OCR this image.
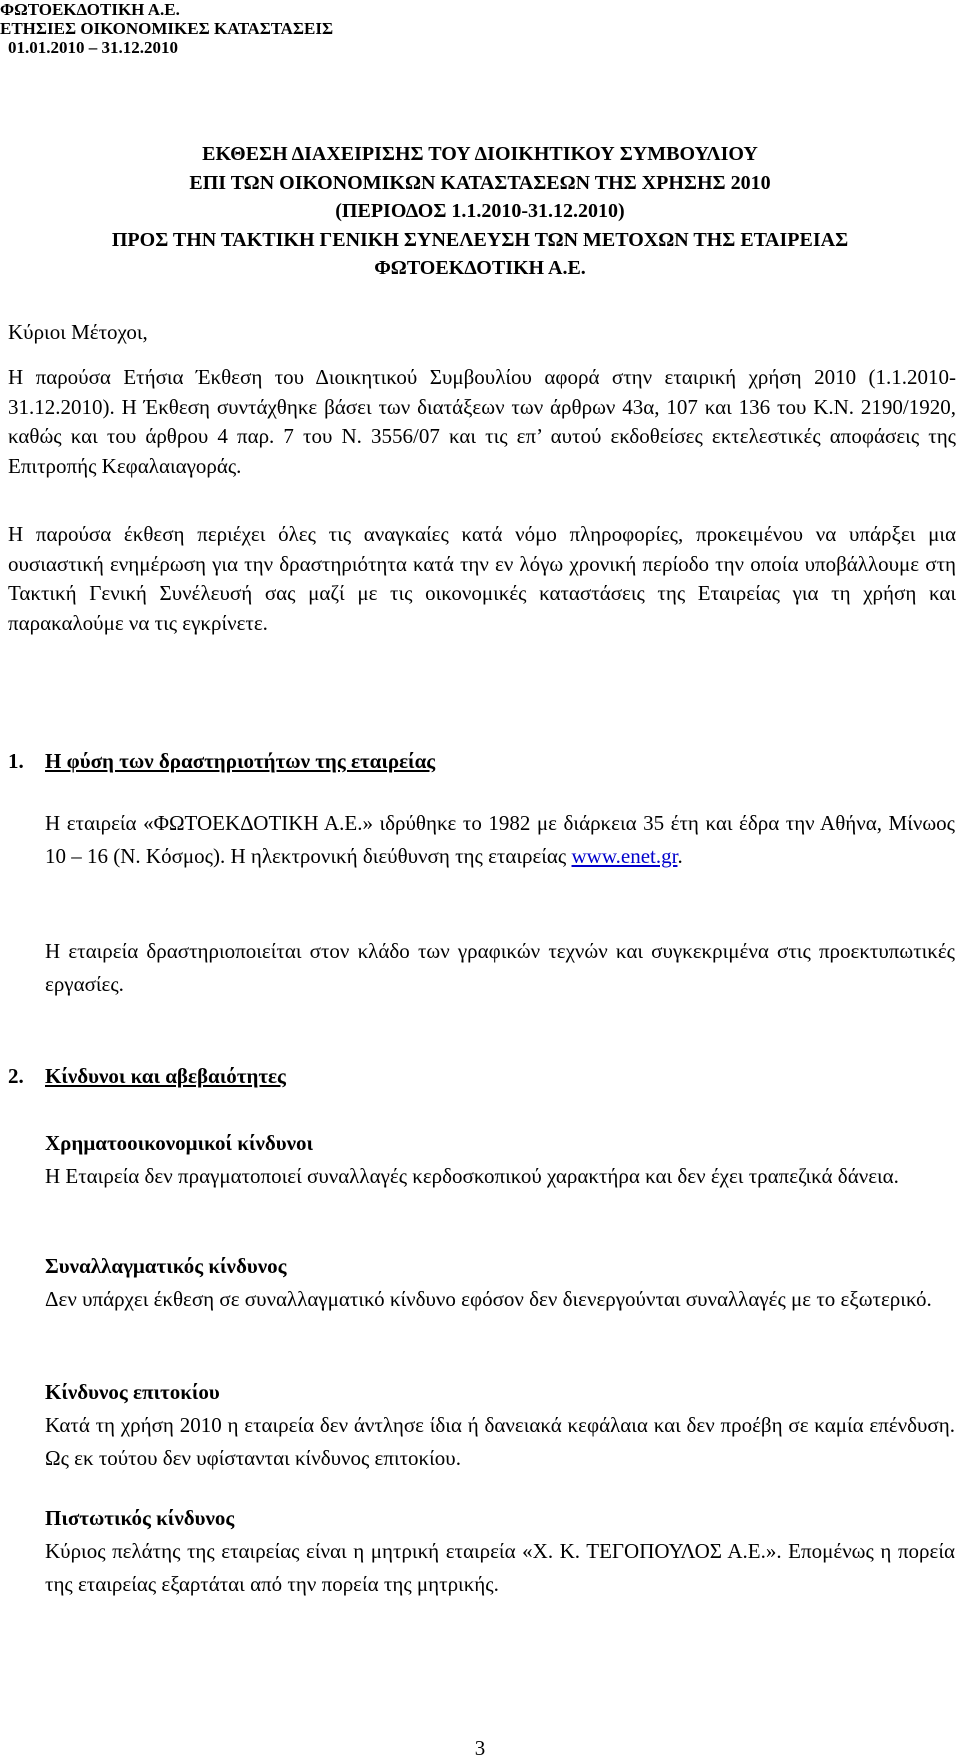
ΦΩΤΟΕΚΔΟΤΙΚΗ Α.Ε.
ΕΤΗΣΙΕΣ ΟΙΚΟΝΟΜΙΚΕΣ ΚΑΤΑΣΤΑΣΕΙΣ
01.01.2010 – 31.12.2010
ΕΚΘΕΣΗ ΔΙΑΧΕΙΡΙΣΗΣ ΤΟΥ ΔΙΟΙΚΗΤΙΚΟΥ ΣΥΜΒΟΥΛΙΟΥ
ΕΠΙ ΤΩΝ ΟΙΚΟΝΟΜΙΚΩΝ ΚΑΤΑΣΤΑΣΕΩΝ ΤΗΣ ΧΡΗΣΗΣ 2010
(ΠΕΡΙΟΔΟΣ 1.1.2010-31.12.2010)
ΠΡΟΣ ΤΗΝ ΤΑΚΤΙΚΗ ΓΕΝΙΚΗ ΣΥΝΕΛΕΥΣΗ ΤΩΝ ΜΕΤΟΧΩΝ ΤΗΣ ΕΤΑΙΡΕΙΑΣ
ΦΩΤΟΕΚΔΟΤΙΚΗ Α.Ε.

Κύριοι Μέτοχοι,

Η παρούσα Ετήσια Έκθεση του Διοικητικού Συμβουλίου αφορά στην εταιρική χρήση 2010 (1.1.2010-31.12.2010). Η Έκθεση συντάχθηκε βάσει των διατάξεων των άρθρων 43α, 107 και 136 του Κ.Ν. 2190/1920, καθώς και του άρθρου 4 παρ. 7 του Ν. 3556/07 και τις επ’ αυτού εκδοθείσες εκτελεστικές αποφάσεις της Επιτροπής Κεφαλαιαγοράς.

Η παρούσα έκθεση περιέχει όλες τις αναγκαίες κατά νόμο πληροφορίες, προκειμένου να υπάρξει μια ουσιαστική ενημέρωση για την δραστηριότητα κατά την εν λόγω χρονική περίοδο την οποία υποβάλλουμε στη Τακτική Γενική Συνέλευσή σας μαζί με τις οικονομικές καταστάσεις της Εταιρείας για τη χρήση και παρακαλούμε να τις εγκρίνετε.

1. Η φύση των δραστηριοτήτων της εταιρείας

Η εταιρεία «ΦΩΤΟΕΚΔΟΤΙΚΗ Α.Ε.» ιδρύθηκε το 1982 με διάρκεια 35 έτη και έδρα την Αθήνα, Μίνωος 10 – 16 (Ν. Κόσμος). Η ηλεκτρονική διεύθυνση της εταιρείας www.enet.gr.

Η εταιρεία δραστηριοποιείται στον κλάδο των γραφικών τεχνών και συγκεκριμένα στις προεκτυπωτικές εργασίες.

2. Κίνδυνοι και αβεβαιότητες
Χρηματοοικονομικοί κίνδυνοι

Η Εταιρεία δεν πραγματοποιεί συναλλαγές κερδοσκοπικού χαρακτήρα και δεν έχει τραπεζικά δάνεια.

Συναλλαγματικός κίνδυνος

Δεν υπάρχει έκθεση σε συναλλαγματικό κίνδυνο εφόσον δεν διενεργούνται συναλλαγές με το εξωτερικό.

Κίνδυνος επιτοκίου

Κατά τη χρήση 2010 η εταιρεία δεν άντλησε ίδια ή δανειακά κεφάλαια και δεν προέβη σε καμία επένδυση. Ως εκ τούτου δεν υφίστανται κίνδυνος επιτοκίου.

Πιστωτικός κίνδυνος

Κύριος πελάτης της εταιρείας είναι η μητρική εταιρεία «Χ. Κ. ΤΕΓΟΠΟΥΛΟΣ Α.Ε.». Επομένως η πορεία της εταιρείας εξαρτάται από την πορεία της μητρικής.

3
